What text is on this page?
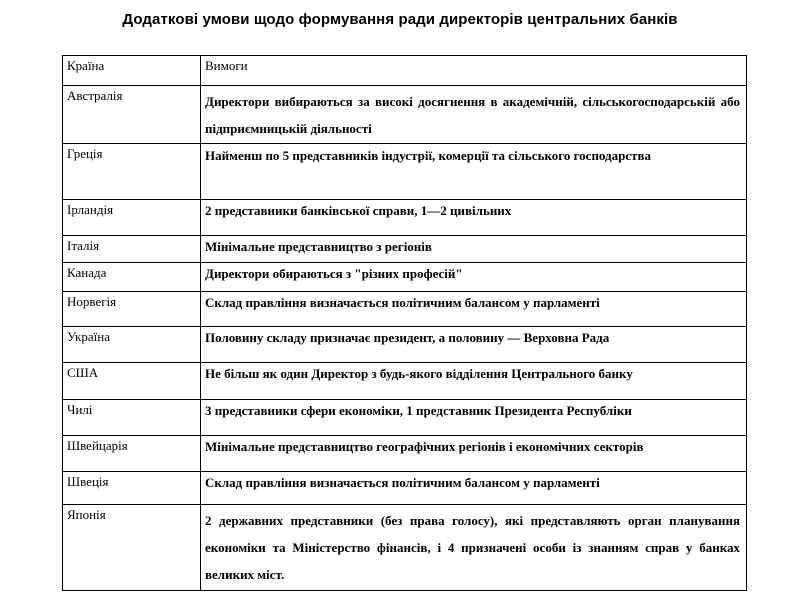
Додаткові умови щодо формування ради директорів центральних банків
Країна	Вимоги
Австралія	Директори вибираються за високі досягнення в академічній, сільськогосподарській або підприємницькій діяльності
Греція	Найменш по 5 представників індустрії, комерції та сільського господарства
Ірландія	2 представники банківської справи, 1—2 цивільних
Італія	Мінімальне представництво з регіонів
Канада	Директори обираються з "різних професій"
Норвегія	Склад правління визначається політичним балансом у парламенті
Україна	Половину складу призначає президент, а половину — Верховна Рада
США	Не більш як один Директор з будь-якого відділення Центрального банку
Чилі	3 представники сфери економіки, 1 представник Президента Республіки
Швейцарія	Мінімальне представництво географічних регіонів і економічних секторів
Швеція	Склад правління визначається політичним балансом у парламенті
Японія	2 державних представники (без права голосу), які представляють орган планування економіки та Міністерство фінансів, і 4 призначені особи із знанням справ у банках великих міст.
